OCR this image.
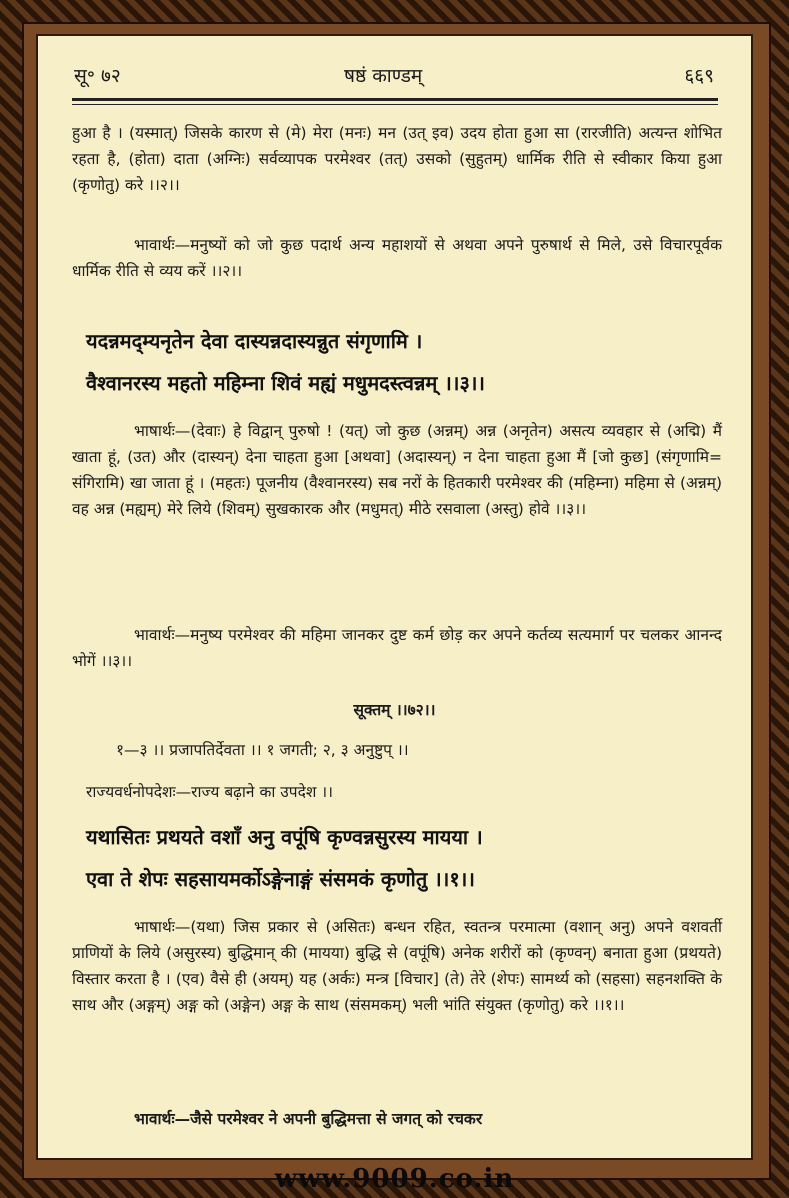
सू॰ ७२	षष्ठं काण्डम्	६६९

हुआ है । (यस्मात्) जिसके कारण से (मे) मेरा (मनः) मन (उत् इव) उदय होता हुआ सा (रारजीति) अत्यन्त शोभित रहता है, (होता) दाता (अग्निः) सर्वव्यापक परमेश्वर (तत्) उसको (सुहुतम्) धार्मिक रीति से स्वीकार किया हुआ (कृणोतु) करे ।।२।।

भावार्थः—मनुष्यों को जो कुछ पदार्थ अन्य महाशयों से अथवा अपने पुरुषार्थ से मिले, उसे विचारपूर्वक धार्मिक रीति से व्यय करें ।।२।।

यदन्नमद्म्यनृतेन देवा दास्यन्नदास्यन्नुत संगृणामि ।

वैश्वानरस्य महतो महिम्ना शिवं मह्यं मधुमदस्त्वन्नम् ।।३।।

भाषार्थः—(देवाः) हे विद्वान् पुरुषो ! (यत्) जो कुछ (अन्नम्) अन्न (अनृतेन) असत्य व्यवहार से (अद्मि) मैं खाता हूं, (उत) और (दास्यन्) देना चाहता हुआ [अथवा] (अदास्यन्) न देना चाहता हुआ मैं [जो कुछ] (संगृणामि= संगिरामि) खा जाता हूं । (महतः) पूजनीय (वैश्वानरस्य) सब नरों के हितकारी परमेश्वर की (महिम्ना) महिमा से (अन्नम्) वह अन्न (मह्यम्) मेरे लिये (शिवम्) सुखकारक और (मधुमत्) मीठे रसवाला (अस्तु) होवे ।।३।।

भावार्थः—मनुष्य परमेश्वर की महिमा जानकर दुष्ट कर्म छोड़ कर अपने कर्तव्य सत्यमार्ग पर चलकर आनन्द भोगें ।।३।।

सूक्तम् ।।७२।।
१—३ ।। प्रजापतिर्देवता ।। १ जगती; २, ३ अनुष्टुप् ।।
राज्यवर्धनोपदेशः—राज्य बढ़ाने का उपदेश ।।

यथासितः प्रथयते वशाँ अनु वपूंषि कृण्वन्नसुरस्य मायया ।

एवा ते शेपः सहसायमर्कोऽङ्गेनाङ्गं संसमकं कृणोतु ।।१।।

भाषार्थः—(यथा) जिस प्रकार से (असितः) बन्धन रहित, स्वतन्त्र परमात्मा (वशान् अनु) अपने वशवर्ती प्राणियों के लिये (असुरस्य) बुद्धिमान् की (मायया) बुद्धि से (वपूंषि) अनेक शरीरों को (कृण्वन्) बनाता हुआ (प्रथयते) विस्तार करता है । (एव) वैसे ही (अयम्) यह (अर्कः) मन्त्र [विचार] (ते) तेरे (शेपः) सामर्थ्य को (सहसा) सहनशक्ति के साथ और (अङ्गम्) अङ्ग को (अङ्गेन) अङ्ग के साथ (संसमकम्) भली भांति संयुक्त (कृणोतु) करे ।।१।।

भावार्थः—जैसे परमेश्वर ने अपनी बुद्धिमत्ता से जगत् को रचकर

www.9009.co.in
